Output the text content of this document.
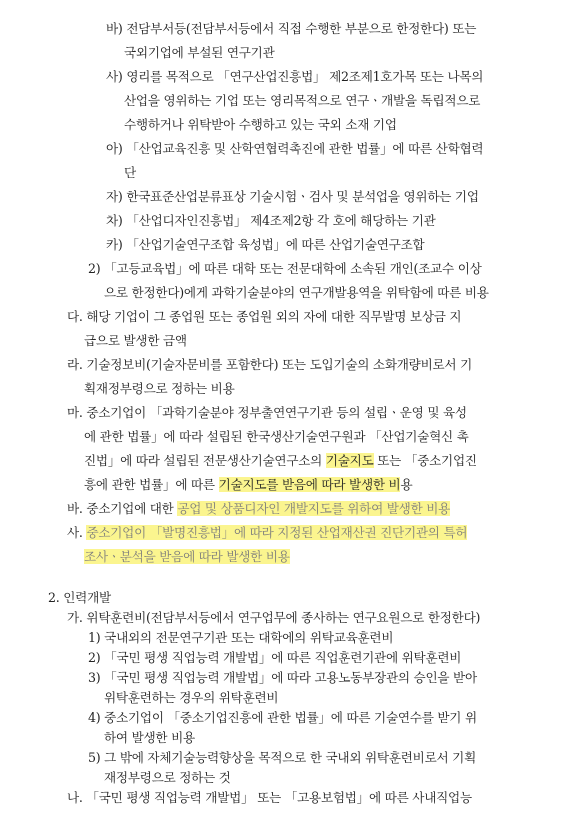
바) 전담부서등(전담부서등에서 직접 수행한 부분으로 한정한다) 또는
국외기업에 부설된 연구기관
사) 영리를 목적으로 「연구산업진흥법」 제2조제1호가목 또는 나목의
산업을 영위하는 기업 또는 영리목적으로 연구ㆍ개발을 독립적으로
수행하거나 위탁받아 수행하고 있는 국외 소재 기업
아) 「산업교육진흥 및 산학연협력촉진에 관한 법률」에 따른 산학협력
단
자) 한국표준산업분류표상 기술시험ㆍ검사 및 분석업을 영위하는 기업
차) 「산업디자인진흥법」 제4조제2항 각 호에 해당하는 기관
카) 「산업기술연구조합 육성법」에 따른 산업기술연구조합
2) 「고등교육법」에 따른 대학 또는 전문대학에 소속된 개인(조교수 이상
으로 한정한다)에게 과학기술분야의 연구개발용역을 위탁함에 따른 비용
다. 해당 기업이 그 종업원 또는 종업원 외의 자에 대한 직무발명 보상금 지
급으로 발생한 금액
라. 기술정보비(기술자문비를 포함한다) 또는 도입기술의 소화개량비로서 기
획재정부령으로 정하는 비용
마. 중소기업이 「과학기술분야 정부출연연구기관 등의 설립ㆍ운영 및 육성
에 관한 법률」에 따라 설립된 한국생산기술연구원과 「산업기술혁신 촉
진법」에 따라 설립된 전문생산기술연구소의 기술지도 또는 「중소기업진
흥에 관한 법률」에 따른 기술지도를 받음에 따라 발생한 비용
바. 중소기업에 대한 공업 및 상품디자인 개발지도를 위하여 발생한 비용
사. 중소기업이 「발명진흥법」에 따라 지정된 산업재산권 진단기관의 특허
조사ㆍ분석을 받음에 따라 발생한 비용
2. 인력개발
가. 위탁훈련비(전담부서등에서 연구업무에 종사하는 연구요원으로 한정한다)
1) 국내외의 전문연구기관 또는 대학에의 위탁교육훈련비
2) 「국민 평생 직업능력 개발법」에 따른 직업훈련기관에 위탁훈련비
3) 「국민 평생 직업능력 개발법」에 따라 고용노동부장관의 승인을 받아
위탁훈련하는 경우의 위탁훈련비
4) 중소기업이 「중소기업진흥에 관한 법률」에 따른 기술연수를 받기 위
하여 발생한 비용
5) 그 밖에 자체기술능력향상을 목적으로 한 국내외 위탁훈련비로서 기획
재정부령으로 정하는 것
나. 「국민 평생 직업능력 개발법」 또는 「고용보험법」에 따른 사내직업능
